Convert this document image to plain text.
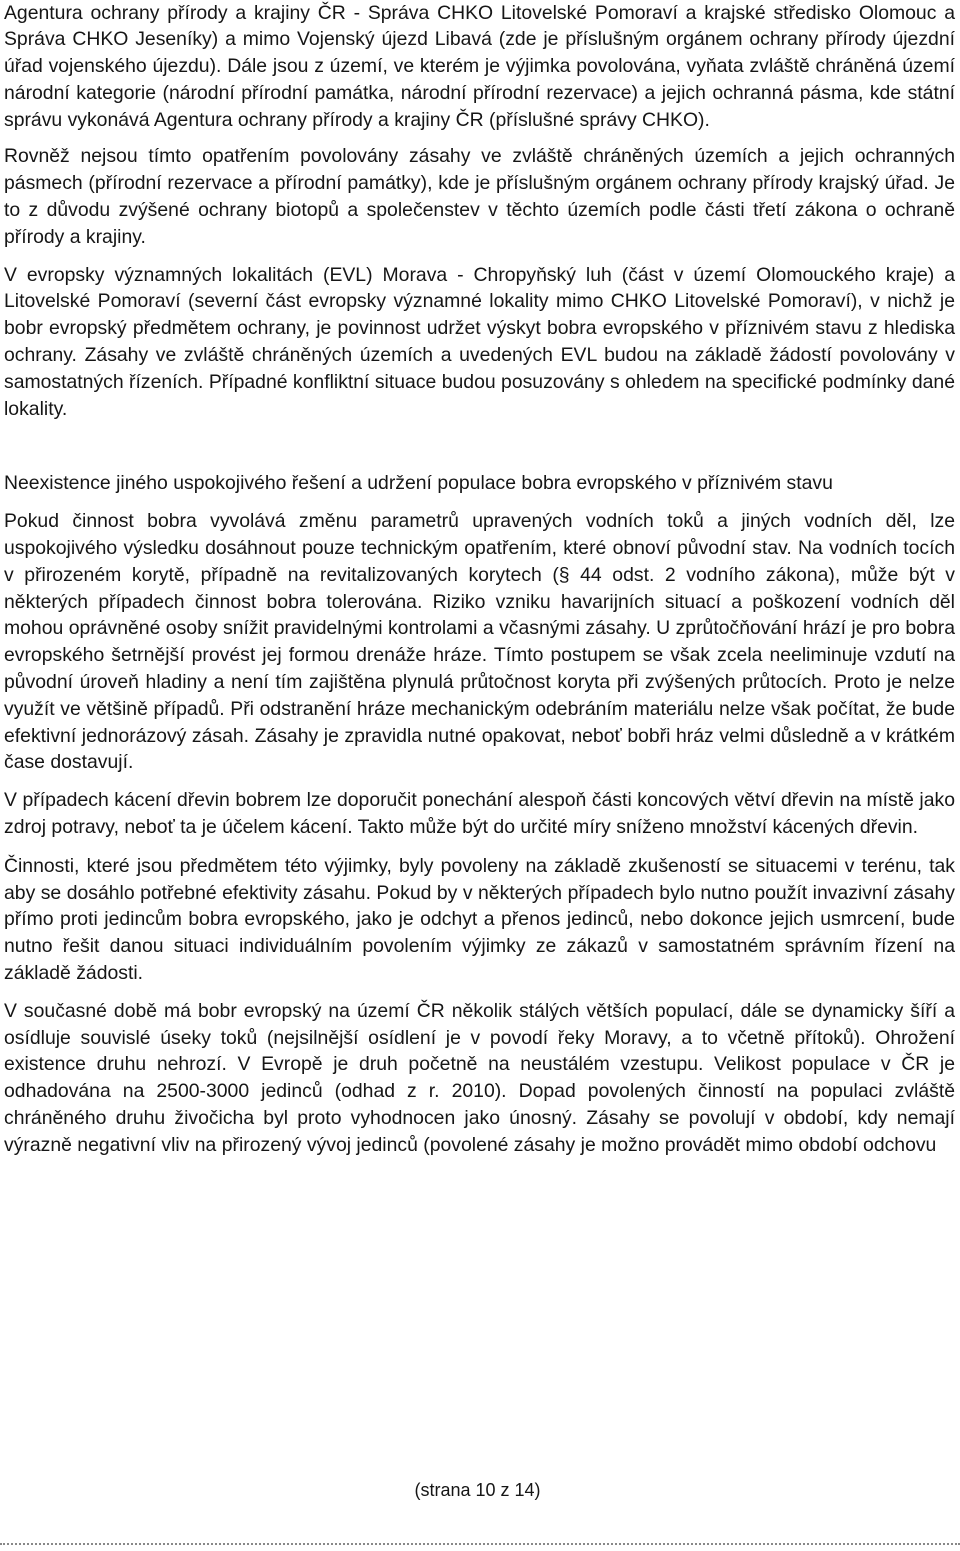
Agentura ochrany přírody a krajiny ČR - Správa CHKO Litovelské Pomoraví a krajské středisko Olomouc a Správa CHKO Jeseníky) a mimo Vojenský újezd Libavá (zde je příslušným orgánem ochrany přírody újezdní úřad vojenského újezdu). Dále jsou z území, ve kterém je výjimka povolována, vyňata zvláště chráněná území národní kategorie (národní přírodní památka, národní přírodní rezervace) a jejich ochranná pásma, kde státní správu vykonává Agentura ochrany přírody a krajiny ČR (příslušné správy CHKO).

Rovněž nejsou tímto opatřením povolovány zásahy ve zvláště chráněných územích a jejich ochranných pásmech (přírodní rezervace a přírodní památky), kde je příslušným orgánem ochrany přírody krajský úřad. Je to z důvodu zvýšené ochrany biotopů a společenstev v těchto územích podle části třetí zákona o ochraně přírody a krajiny.

V evropsky významných lokalitách (EVL) Morava - Chropyňský luh (část v území Olomouckého kraje) a Litovelské Pomoraví (severní část evropsky významné lokality mimo CHKO Litovelské Pomoraví), v nichž je bobr evropský předmětem ochrany, je povinnost udržet výskyt bobra evropského v příznivém stavu z hlediska ochrany. Zásahy ve zvláště chráněných územích a uvedených EVL budou na základě žádostí povolovány v samostatných řízeních. Případné konfliktní situace budou posuzovány s ohledem na specifické podmínky dané lokality.

Neexistence jiného uspokojivého řešení a udržení populace bobra evropského v příznivém stavu

Pokud činnost bobra vyvolává změnu parametrů upravených vodních toků a jiných vodních děl, lze uspokojivého výsledku dosáhnout pouze technickým opatřením, které obnoví původní stav. Na vodních tocích v přirozeném korytě, případně na revitalizovaných korytech (§ 44 odst. 2 vodního zákona), může být v některých případech činnost bobra tolerována. Riziko vzniku havarijních situací a poškození vodních děl mohou oprávněné osoby snížit pravidelnými kontrolami a včasnými zásahy. U zprůtočňování hrází je pro bobra evropského šetrnější provést jej formou drenáže hráze. Tímto postupem se však zcela neeliminuje vzdutí na původní úroveň hladiny a není tím zajištěna plynulá průtočnost koryta při zvýšených průtocích. Proto je nelze využít ve většině případů. Při odstranění hráze mechanickým odebráním materiálu nelze však počítat, že bude efektivní jednorázový zásah. Zásahy je zpravidla nutné opakovat, neboť bobři hráz velmi důsledně a v krátkém čase dostavují.

V případech kácení dřevin bobrem lze doporučit ponechání alespoň části koncových větví dřevin na místě jako zdroj potravy, neboť ta je účelem kácení. Takto může být do určité míry sníženo množství kácených dřevin.

Činnosti, které jsou předmětem této výjimky, byly povoleny na základě zkušeností se situacemi v terénu, tak aby se dosáhlo potřebné efektivity zásahu. Pokud by v některých případech bylo nutno použít invazivní zásahy přímo proti jedincům bobra evropského, jako je odchyt a přenos jedinců, nebo dokonce jejich usmrcení, bude nutno řešit danou situaci individuálním povolením výjimky ze zákazů v samostatném správním řízení na základě žádosti.

V současné době má bobr evropský na území ČR několik stálých větších populací, dále se dynamicky šíří a osídluje souvislé úseky toků (nejsilnější osídlení je v povodí řeky Moravy, a to včetně přítoků). Ohrožení existence druhu nehrozí. V Evropě je druh početně na neustálém vzestupu. Velikost populace v ČR je odhadována na 2500-3000 jedinců (odhad z r. 2010). Dopad povolených činností na populaci zvláště chráněného druhu živočicha byl proto vyhodnocen jako únosný. Zásahy se povolují v období, kdy nemají výrazně negativní vliv na přirozený vývoj jedinců (povolené zásahy je možno provádět mimo období odchovu

(strana 10 z 14)
